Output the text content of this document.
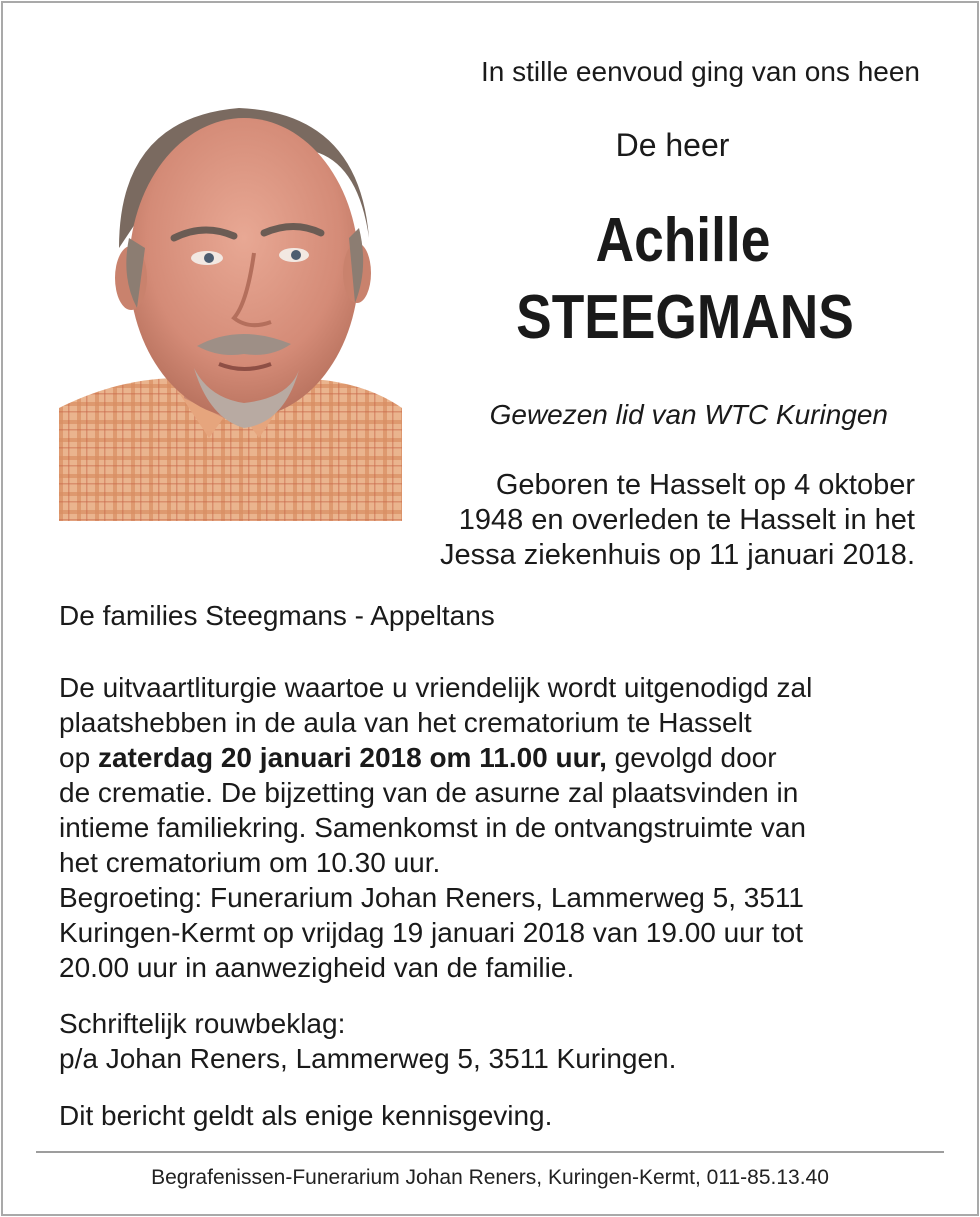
In stille eenvoud ging van ons heen
De heer
Achille
STEEGMANS
Gewezen lid van WTC Kuringen
Geboren te Hasselt op 4 oktober
1948 en overleden te Hasselt in het
Jessa ziekenhuis op 11 januari 2018.
De families Steegmans - Appeltans
De uitvaartliturgie waartoe u vriendelijk wordt uitgenodigd zal
plaatshebben in de aula van het crematorium te Hasselt
op zaterdag 20 januari 2018 om 11.00 uur, gevolgd door
de crematie. De bijzetting van de asurne zal plaatsvinden in
intieme familiekring. Samenkomst in de ontvangstruimte van
het crematorium om 10.30 uur.
Begroeting: Funerarium Johan Reners, Lammerweg 5, 3511
Kuringen-Kermt op vrijdag 19 januari 2018 van 19.00 uur tot
20.00 uur in aanwezigheid van de familie.
Schriftelijk rouwbeklag:
p/a Johan Reners, Lammerweg 5, 3511 Kuringen.
Dit bericht geldt als enige kennisgeving.
Begrafenissen-Funerarium Johan Reners, Kuringen-Kermt, 011-85.13.40
